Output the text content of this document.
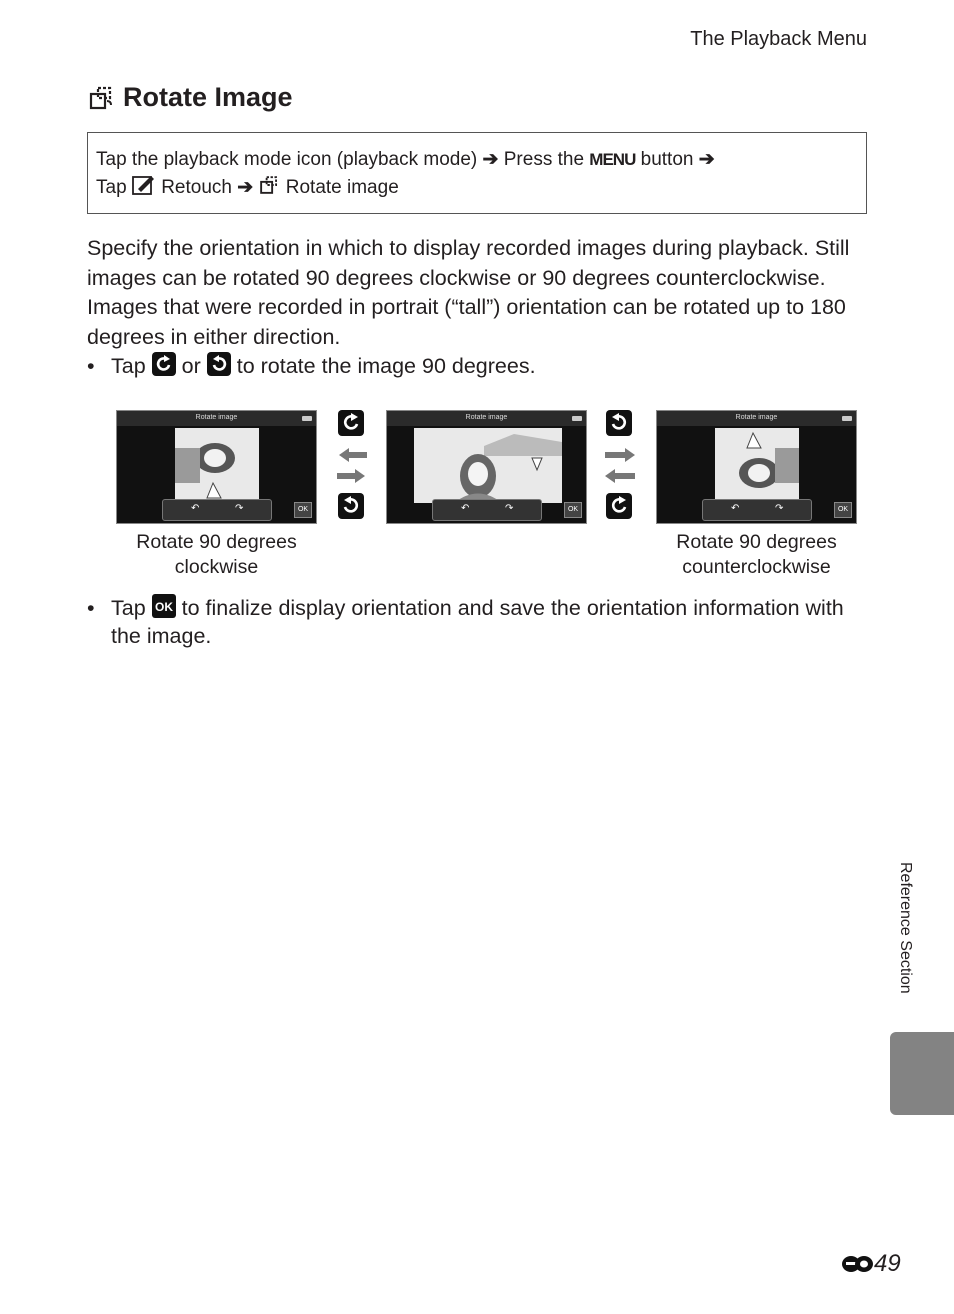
The Playback Menu
Rotate Image
Tap the playback mode icon (playback mode) ➔ Press the MENU button ➔
Tap Retouch ➔ Rotate image
Specify the orientation in which to display recorded images during playback. Still images can be rotated 90 degrees clockwise or 90 degrees counterclockwise. Images that were recorded in portrait (“tall”) orientation can be rotated up to 180 degrees in either direction.
• Tap or to rotate the image 90 degrees.
Rotate image
↶	↷	OK
Rotate image
↶	↷	OK
Rotate image
↶	↷	OK
Rotate 90 degrees
clockwise
Rotate 90 degrees
counterclockwise
• Tap OK to finalize display orientation and save the orientation information with the image.
Reference Section
49
